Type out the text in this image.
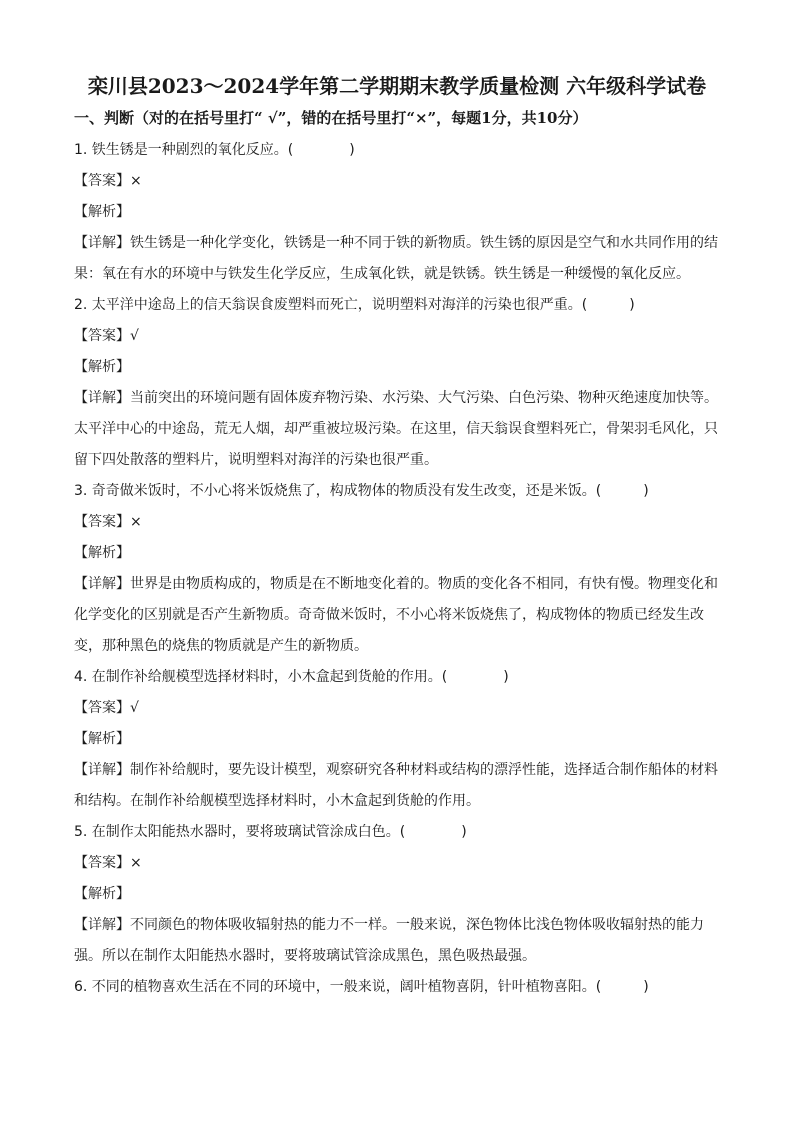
栾川县2023～2024学年第二学期期末教学质量检测 六年级科学试卷
一、判断（对的在括号里打“ √”，错的在括号里打“×”，每题1分，共10分）
1. 铁生锈是一种剧烈的氧化反应。(　　　　)
【答案】×
【解析】
【详解】铁生锈是一种化学变化，铁锈是一种不同于铁的新物质。铁生锈的原因是空气和水共同作用的结
果：氧在有水的环境中与铁发生化学反应，生成氧化铁，就是铁锈。铁生锈是一种缓慢的氧化反应。
2. 太平洋中途岛上的信天翁误食废塑料而死亡，说明塑料对海洋的污染也很严重。(　　　)
【答案】√
【解析】
【详解】当前突出的环境问题有固体废弃物污染、水污染、大气污染、白色污染、物种灭绝速度加快等。
太平洋中心的中途岛，荒无人烟，却严重被垃圾污染。在这里，信天翁误食塑料死亡，骨架羽毛风化，只
留下四处散落的塑料片，说明塑料对海洋的污染也很严重。
3. 奇奇做米饭时，不小心将米饭烧焦了，构成物体的物质没有发生改变，还是米饭。(　　　)
【答案】×
【解析】
【详解】世界是由物质构成的，物质是在不断地变化着的。物质的变化各不相同，有快有慢。物理变化和
化学变化的区别就是否产生新物质。奇奇做米饭时，不小心将米饭烧焦了，构成物体的物质已经发生改
变，那种黑色的烧焦的物质就是产生的新物质。
4. 在制作补给舰模型选择材料时，小木盒起到货舱的作用。(　　　　)
【答案】√
【解析】
【详解】制作补给舰时，要先设计模型，观察研究各种材料或结构的漂浮性能，选择适合制作船体的材料
和结构。在制作补给舰模型选择材料时，小木盒起到货舱的作用。
5. 在制作太阳能热水器时，要将玻璃试管涂成白色。(　　　　)
【答案】×
【解析】
【详解】不同颜色的物体吸收辐射热的能力不一样。一般来说，深色物体比浅色物体吸收辐射热的能力
强。所以在制作太阳能热水器时，要将玻璃试管涂成黑色，黑色吸热最强。
6. 不同的植物喜欢生活在不同的环境中，一般来说，阔叶植物喜阴，针叶植物喜阳。(　　　)
